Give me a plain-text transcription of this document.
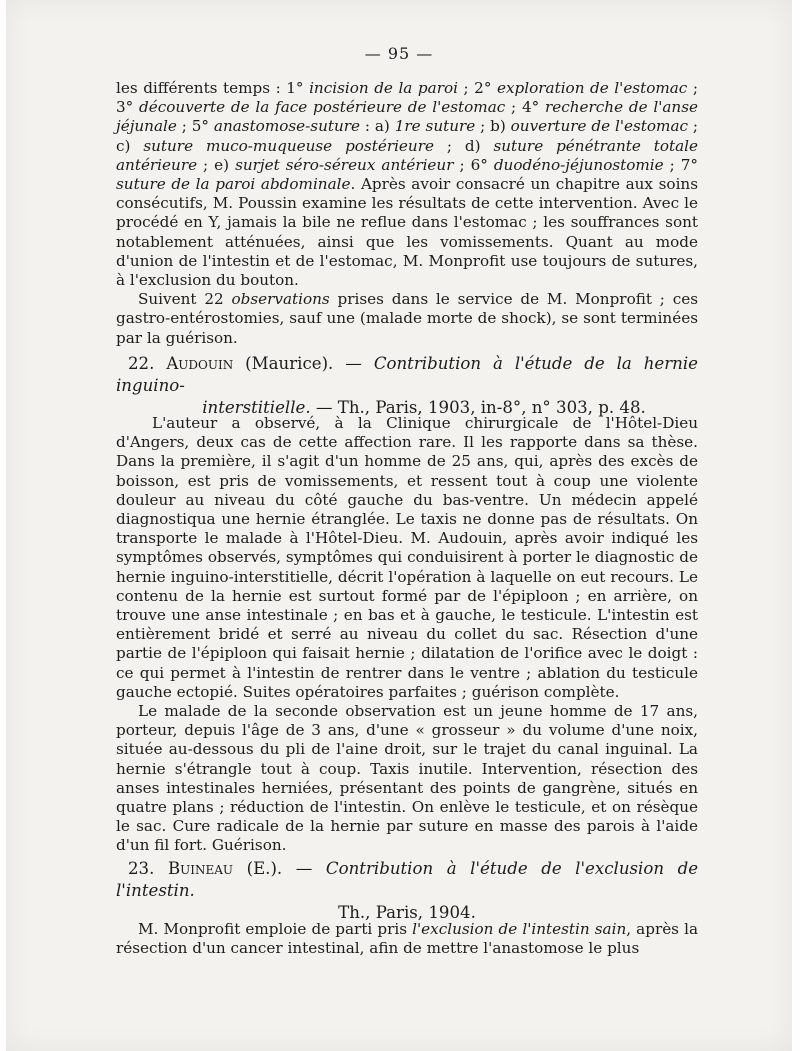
— 95 —

les différents temps : 1° incision de la paroi ; 2° exploration de l'estomac ; 3° découverte de la face postérieure de l'estomac ; 4° recherche de l'anse jéjunale ; 5° anastomose-suture : a) 1re suture ; b) ouverture de l'estomac ; c) suture muco-muqueuse postérieure ; d) suture pénétrante totale antérieure ; e) surjet séro-séreux antérieur ; 6° duodéno-jéjunostomie ; 7° suture de la paroi abdominale. Après avoir consacré un chapitre aux soins consécutifs, M. Poussin examine les résultats de cette intervention. Avec le procédé en Y, jamais la bile ne reflue dans l'estomac ; les souffrances sont notablement atténuées, ainsi que les vomissements. Quant au mode d'union de l'intestin et de l'estomac, M. Monprofit use toujours de sutures, à l'exclusion du bouton.

Suivent 22 observations prises dans le service de M. Monprofit ; ces gastro-entérostomies, sauf une (malade morte de shock), se sont terminées par la guérison.

22. Audouin (Maurice). — Contribution à l'étude de la hernie inguino-
interstitielle. — Th., Paris, 1903, in-8°, n° 303, p. 48.

L'auteur a observé, à la Clinique chirurgicale de l'Hôtel-Dieu d'Angers, deux cas de cette affection rare. Il les rapporte dans sa thèse. Dans la première, il s'agit d'un homme de 25 ans, qui, après des excès de boisson, est pris de vomissements, et ressent tout à coup une violente douleur au niveau du côté gauche du bas-ventre. Un médecin appelé diagnostiqua une hernie étranglée. Le taxis ne donne pas de résultats. On transporte le malade à l'Hôtel-Dieu. M. Audouin, après avoir indiqué les symptômes observés, symptômes qui conduisirent à porter le diagnostic de hernie inguino-interstitielle, décrit l'opération à laquelle on eut recours. Le contenu de la hernie est surtout formé par de l'épiploon ; en arrière, on trouve une anse intestinale ; en bas et à gauche, le testicule. L'intestin est entièrement bridé et serré au niveau du collet du sac. Résection d'une partie de l'épiploon qui faisait hernie ; dilatation de l'orifice avec le doigt : ce qui permet à l'intestin de rentrer dans le ventre ; ablation du testicule gauche ectopié. Suites opératoires parfaites ; guérison complète.

Le malade de la seconde observation est un jeune homme de 17 ans, porteur, depuis l'âge de 3 ans, d'une « grosseur » du volume d'une noix, située au-dessous du pli de l'aine droit, sur le trajet du canal inguinal. La hernie s'étrangle tout à coup. Taxis inutile. Intervention, résection des anses intestinales herniées, présentant des points de gangrène, situés en quatre plans ; réduction de l'intestin. On enlève le testicule, et on résèque le sac. Cure radicale de la hernie par suture en masse des parois à l'aide d'un fil fort. Guérison.

23. Buineau (E.). — Contribution à l'étude de l'exclusion de l'intestin.

Th., Paris, 1904.

M. Monprofit emploie de parti pris l'exclusion de l'intestin sain, après la résection d'un cancer intestinal, afin de mettre l'anastomose le plus
